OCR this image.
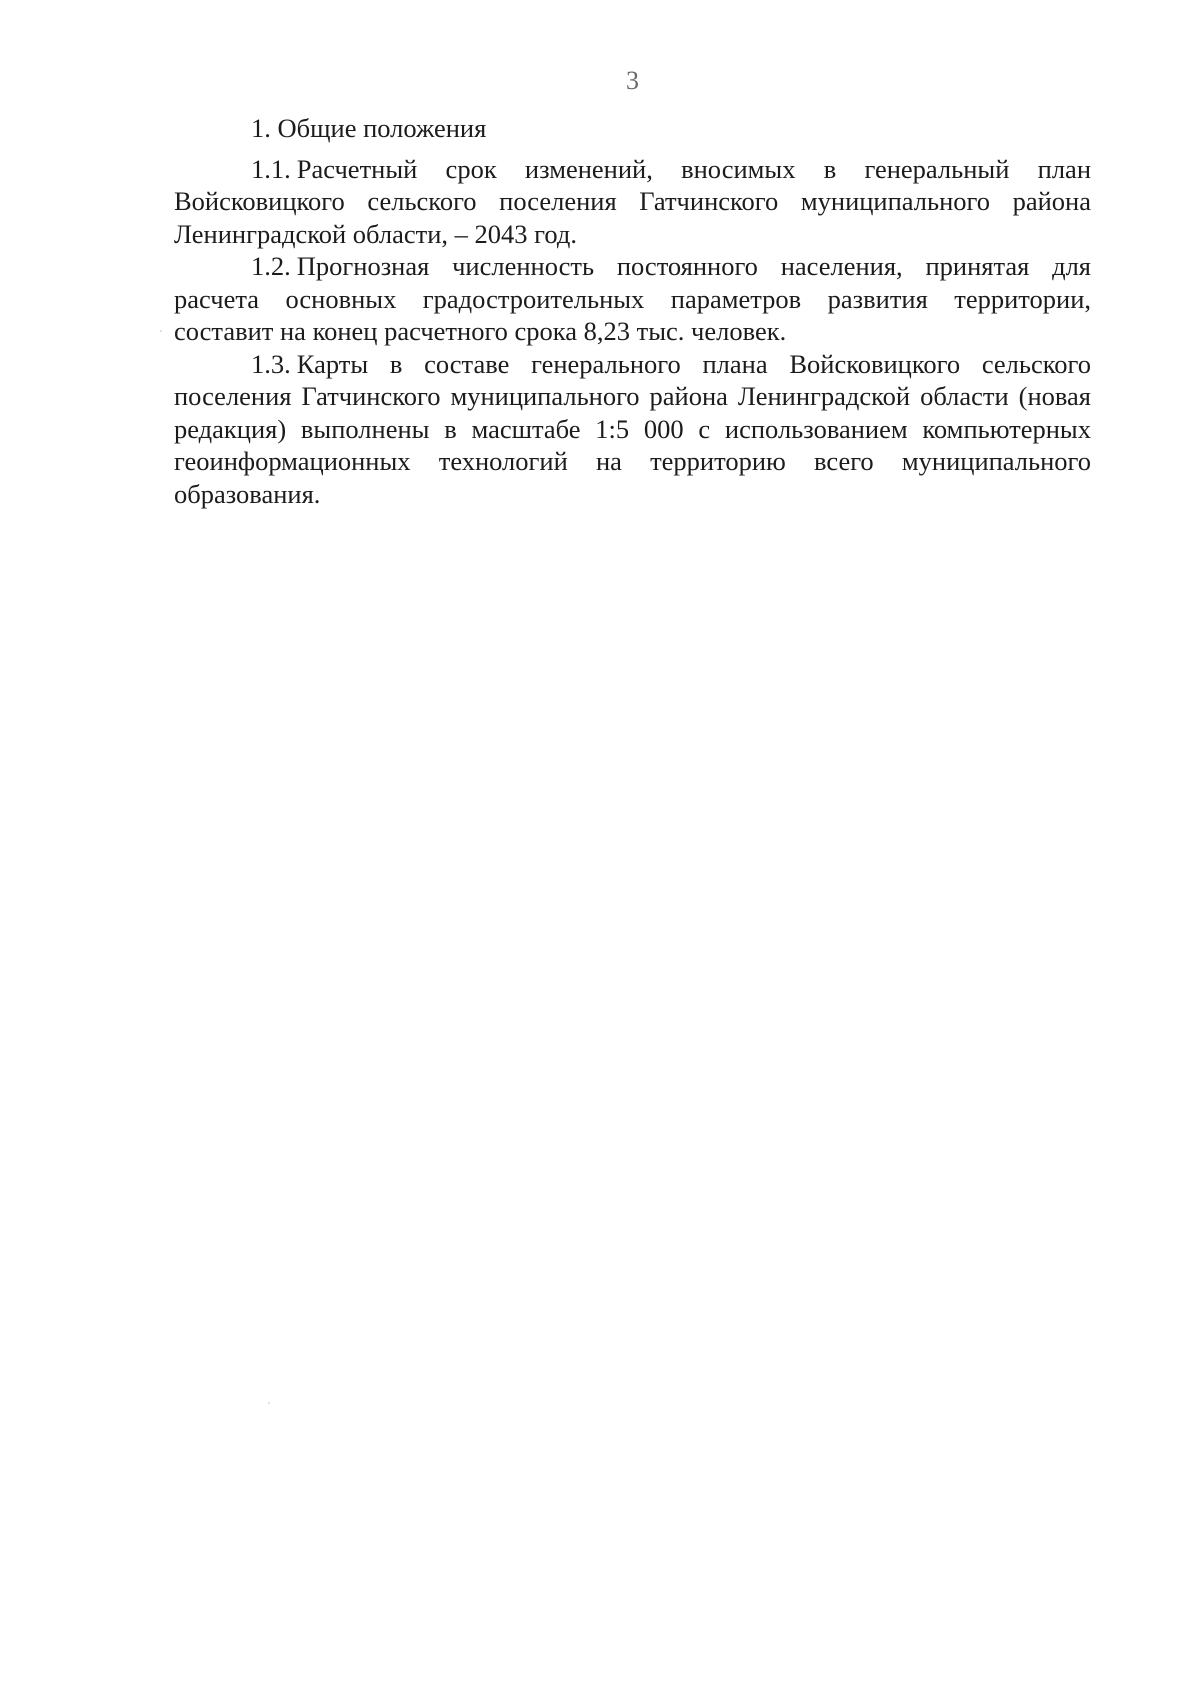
3
1. Общие положения

1.1. Расчетный срок изменений, вносимых в генеральный план Войсковицкого сельского поселения Гатчинского муниципального района Ленинградской области, – 2043 год.

1.2. Прогнозная численность постоянного населения, принятая для расчета основных градостроительных параметров развития территории, составит на конец расчетного срока 8,23 тыс. человек.

1.3. Карты в составе генерального плана Войсковицкого сельского поселения Гатчинского муниципального района Ленинградской области (новая редакция) выполнены в масштабе 1:5 000 с использованием компьютерных геоинформационных технологий на территорию всего муниципального образования.
